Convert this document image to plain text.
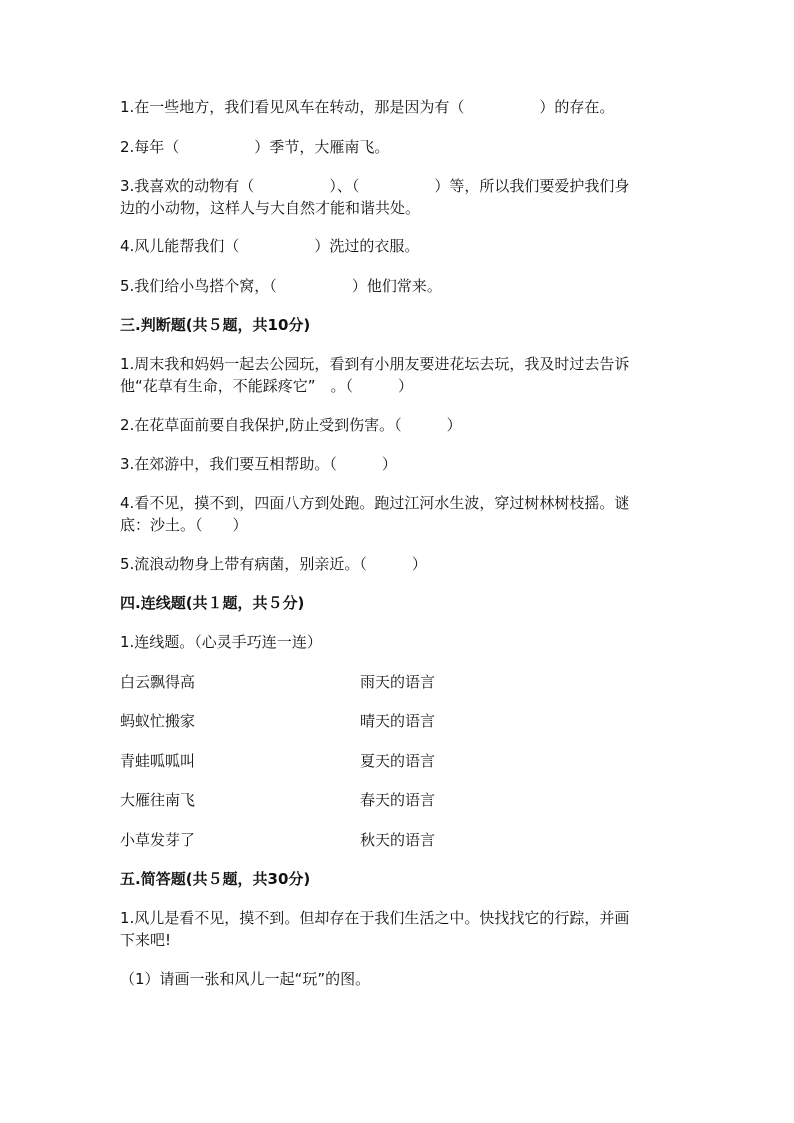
1.在一些地方，我们看见风车在转动，那是因为有（　　　　　）的存在。

2.每年（　　　　　）季节，大雁南飞。

3.我喜欢的动物有（　　　　　）、（　　　　　）等，所以我们要爱护我们身

边的小动物，这样人与大自然才能和谐共处。

4.风儿能帮我们（　　　　　）洗过的衣服。

5.我们给小鸟搭个窝，（　　　　　）他们常来。

三.判断题(共５题，共10分)

1.周末我和妈妈一起去公园玩，看到有小朋友要进花坛去玩，我及时过去告诉

他“花草有生命，不能踩疼它”　。（　　　）

2.在花草面前要自我保护,防止受到伤害。（　　　）

3.在郊游中，我们要互相帮助。（　　　）

4.看不见，摸不到，四面八方到处跑。跑过江河水生波，穿过树林树枝摇。谜

底：沙土。（　　）

5.流浪动物身上带有病菌，别亲近。（　　　）

四.连线题(共１题，共５分)

1.连线题。（心灵手巧连一连）

白云飘得高	雨天的语言
蚂蚁忙搬家	晴天的语言
青蛙呱呱叫	夏天的语言
大雁往南飞	春天的语言
小草发芽了	秋天的语言

五.简答题(共５题，共30分)

1.风儿是看不见，摸不到。但却存在于我们生活之中。快找找它的行踪，并画

下来吧!

（1）请画一张和风儿一起“玩”的图。
